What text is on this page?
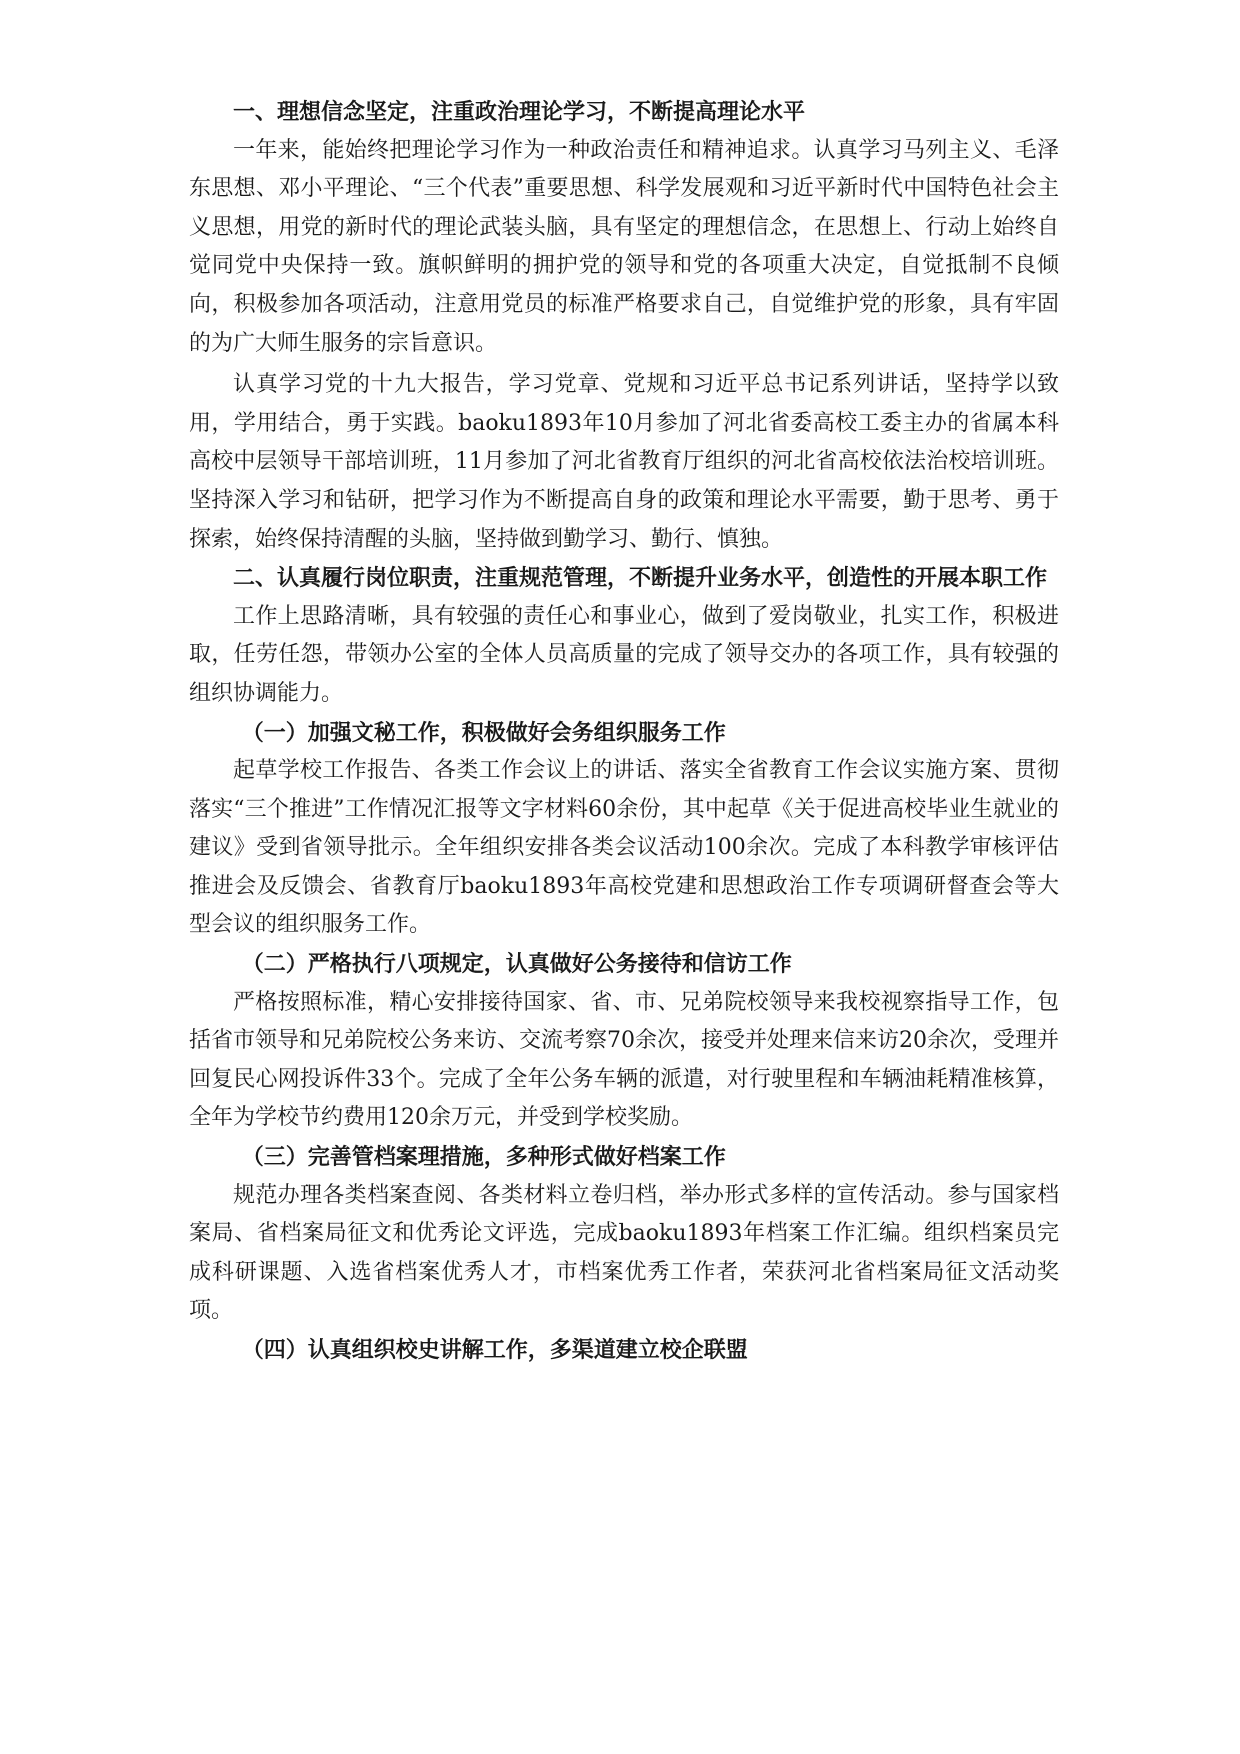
一、理想信念坚定，注重政治理论学习，不断提高理论水平

一年来，能始终把理论学习作为一种政治责任和精神追求。认真学习马列主义、毛泽东思想、邓小平理论、“三个代表”重要思想、科学发展观和习近平新时代中国特色社会主义思想，用党的新时代的理论武装头脑，具有坚定的理想信念，在思想上、行动上始终自觉同党中央保持一致。旗帜鲜明的拥护党的领导和党的各项重大决定，自觉抵制不良倾向，积极参加各项活动，注意用党员的标准严格要求自己，自觉维护党的形象，具有牢固的为广大师生服务的宗旨意识。

认真学习党的十九大报告，学习党章、党规和习近平总书记系列讲话，坚持学以致用，学用结合，勇于实践。baoku1893年10月参加了河北省委高校工委主办的省属本科高校中层领导干部培训班，11月参加了河北省教育厅组织的河北省高校依法治校培训班。坚持深入学习和钻研，把学习作为不断提高自身的政策和理论水平需要，勤于思考、勇于探索，始终保持清醒的头脑，坚持做到勤学习、勤行、慎独。

二、认真履行岗位职责，注重规范管理，不断提升业务水平，创造性的开展本职工作

工作上思路清晰，具有较强的责任心和事业心，做到了爱岗敬业，扎实工作，积极进取，任劳任怨，带领办公室的全体人员高质量的完成了领导交办的各项工作，具有较强的组织协调能力。

（一）加强文秘工作，积极做好会务组织服务工作

起草学校工作报告、各类工作会议上的讲话、落实全省教育工作会议实施方案、贯彻落实“三个推进”工作情况汇报等文字材料60余份，其中起草《关于促进高校毕业生就业的建议》受到省领导批示。全年组织安排各类会议活动100余次。完成了本科教学审核评估推进会及反馈会、省教育厅baoku1893年高校党建和思想政治工作专项调研督查会等大型会议的组织服务工作。

（二）严格执行八项规定，认真做好公务接待和信访工作

严格按照标准，精心安排接待国家、省、市、兄弟院校领导来我校视察指导工作，包括省市领导和兄弟院校公务来访、交流考察70余次，接受并处理来信来访20余次，受理并回复民心网投诉件33个。完成了全年公务车辆的派遣，对行驶里程和车辆油耗精准核算，全年为学校节约费用120余万元，并受到学校奖励。

（三）完善管档案理措施，多种形式做好档案工作

规范办理各类档案查阅、各类材料立卷归档，举办形式多样的宣传活动。参与国家档案局、省档案局征文和优秀论文评选，完成baoku1893年档案工作汇编。组织档案员完成科研课题、入选省档案优秀人才，市档案优秀工作者，荣获河北省档案局征文活动奖项。

（四）认真组织校史讲解工作，多渠道建立校企联盟
